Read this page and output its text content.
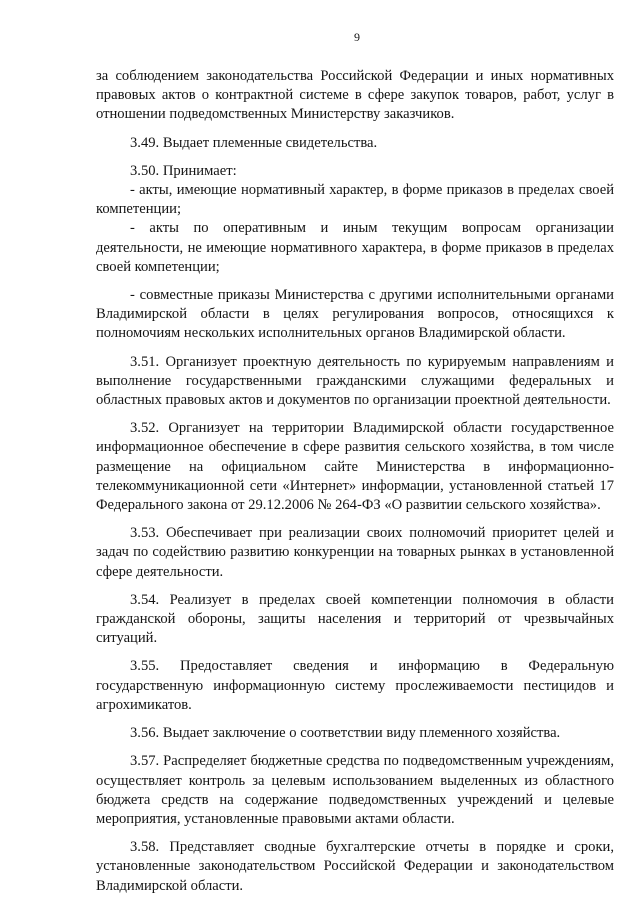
9

за соблюдением законодательства Российской Федерации и иных нормативных правовых актов о контрактной системе в сфере закупок товаров, работ, услуг в отношении подведомственных Министерству заказчиков.

3.49. Выдает племенные свидетельства.

3.50. Принимает:

- акты, имеющие нормативный характер, в форме приказов в пределах своей компетенции;

- акты по оперативным и иным текущим вопросам организации деятельности, не имеющие нормативного характера, в форме приказов в пределах своей компетенции;

- совместные приказы Министерства с другими исполнительными органами Владимирской области в целях регулирования вопросов, относящихся к полномочиям нескольких исполнительных органов Владимирской области.

3.51. Организует проектную деятельность по курируемым направлениям и выполнение государственными гражданскими служащими федеральных и областных правовых актов и документов по организации проектной деятельности.

3.52. Организует на территории Владимирской области государственное информационное обеспечение в сфере развития сельского хозяйства, в том числе размещение на официальном сайте Министерства в информационно-телекоммуникационной сети «Интернет» информации, установленной статьей 17 Федерального закона от 29.12.2006 № 264-ФЗ «О развитии сельского хозяйства».

3.53. Обеспечивает при реализации своих полномочий приоритет целей и задач по содействию развитию конкуренции на товарных рынках в установленной сфере деятельности.

3.54. Реализует в пределах своей компетенции полномочия в области гражданской обороны, защиты населения и территорий от чрезвычайных ситуаций.

3.55. Предоставляет сведения и информацию в Федеральную государственную информационную систему прослеживаемости пестицидов и агрохимикатов.

3.56. Выдает заключение о соответствии виду племенного хозяйства.

3.57. Распределяет бюджетные средства по подведомственным учреждениям, осуществляет контроль за целевым использованием выделенных из областного бюджета средств на содержание подведомственных учреждений и целевые мероприятия, установленные правовыми актами области.

3.58. Представляет сводные бухгалтерские отчеты в порядке и сроки, установленные законодательством Российской Федерации и законодательством Владимирской области.
